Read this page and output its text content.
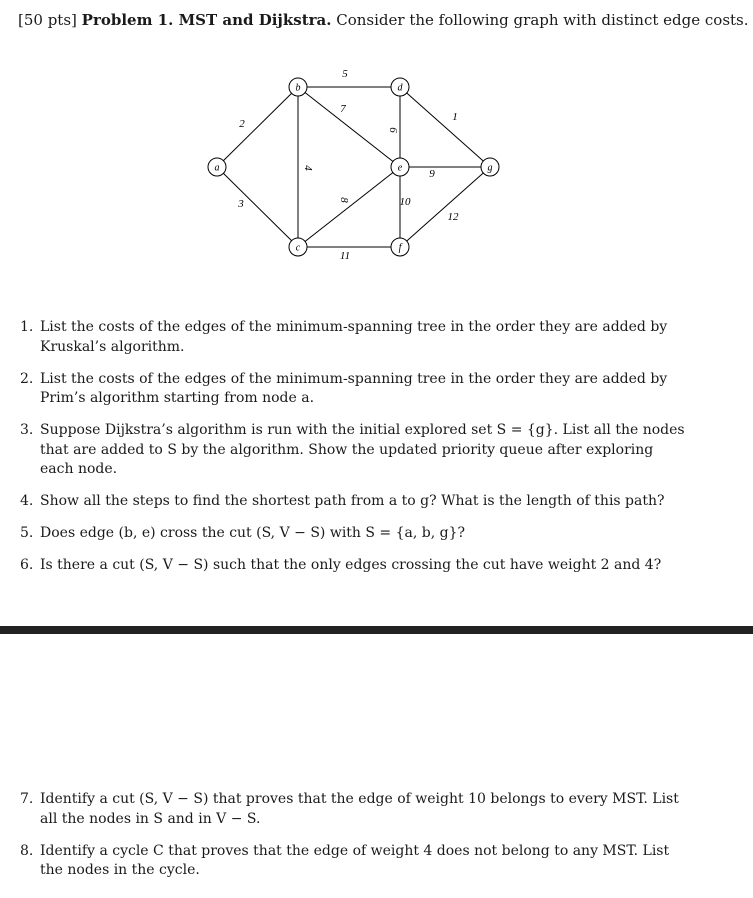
[50 pts] Problem 1. MST and Dijkstra. Consider the following graph with distinct edge costs.
2
3
4
5
7
6
1
9
8	10
11
12
a
b
c
d
e
f
g
1. List the costs of the edges of the minimum-spanning tree in the order they are added by Kruskal’s algorithm.
2. List the costs of the edges of the minimum-spanning tree in the order they are added by Prim’s algorithm starting from node a.
3. Suppose Dijkstra’s algorithm is run with the initial explored set S = {g}. List all the nodes that are added to S by the algorithm. Show the updated priority queue after exploring each node.
4. Show all the steps to find the shortest path from a to g? What is the length of this path?
5. Does edge (b, e) cross the cut (S, V − S) with S = {a, b, g}?
6. Is there a cut (S, V − S) such that the only edges crossing the cut have weight 2 and 4?
7. Identify a cut (S, V − S) that proves that the edge of weight 10 belongs to every MST. List all the nodes in S and in V − S.
8. Identify a cycle C that proves that the edge of weight 4 does not belong to any MST. List the nodes in the cycle.
